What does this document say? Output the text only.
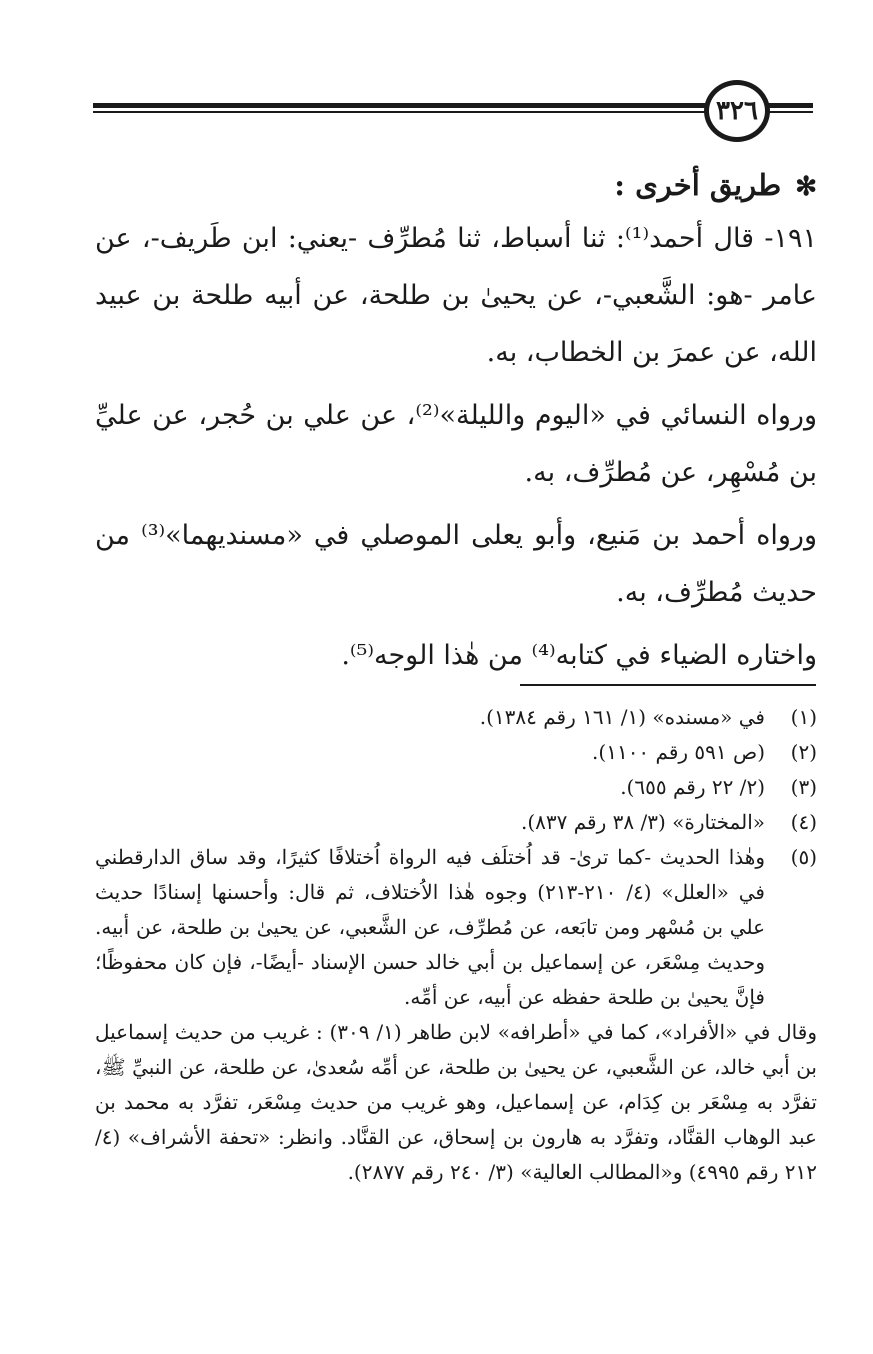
٣٢٦
✻طريق أخرى :

١٩١- قال أحمد⁽¹⁾: ثنا أسباط، ثنا مُطرِّف -يعني: ابن طَريف-، عن عامر -هو: الشَّعبي-، عن يحيىٰ بن طلحة، عن أبيه طلحة بن عبيد الله، عن عمرَ بن الخطاب، به.

ورواه النسائي في «اليوم والليلة»⁽²⁾، عن علي بن حُجر، عن عليِّ بن مُسْهِر، عن مُطرِّف، به.

ورواه أحمد بن مَنيع، وأبو يعلى الموصلي في «مسنديهما»⁽³⁾ من حديث مُطرِّف، به.

واختاره الضياء في كتابه⁽⁴⁾ من هٰذا الوجه⁽⁵⁾.

(١)
في «مسنده» (١/ ١٦١ رقم ١٣٨٤).
(٢)
(ص ٥٩١ رقم ١١٠٠).
(٣)
(٢/ ٢٢ رقم ٦٥٥).
(٤)
«المختارة» (٣/ ٣٨ رقم ٨٣٧).
(٥)
وهٰذا الحديث -كما ترىٰ- قد اُختلَف فيه الرواة اُختلافًا كثيرًا، وقد ساق الدارقطني في «العلل» (٤/ ٢١٠-٢١٣) وجوه هٰذا الاُختلاف، ثم قال: وأحسنها إسنادًا حديث علي بن مُسْهر ومن تابَعه، عن مُطرِّف، عن الشَّعبي، عن يحيىٰ بن طلحة، عن أبيه. وحديث مِسْعَر، عن إسماعيل بن أبي خالد حسن الإسناد -أيضًا-، فإن كان محفوظًا؛ فإنَّ يحيىٰ بن طلحة حفظه عن أبيه، عن أمِّه.

وقال في «الأفراد»، كما في «أطرافه» لابن طاهر (١/ ٣٠٩) : غريب من حديث إسماعيل بن أبي خالد، عن الشَّعبي، عن يحيىٰ بن طلحة، عن أمِّه سُعدىٰ، عن طلحة، عن النبيِّ ﷺ، تفرَّد به مِسْعَر بن كِدَام، عن إسماعيل، وهو غريب من حديث مِسْعَر، تفرَّد به محمد بن عبد الوهاب القنَّاد، وتفرَّد به هارون بن إسحاق، عن القنَّاد. وانظر: «تحفة الأشراف» (٤/ ٢١٢ رقم ٤٩٩٥) و«المطالب العالية» (٣/ ٢٤٠ رقم ٢٨٧٧).
